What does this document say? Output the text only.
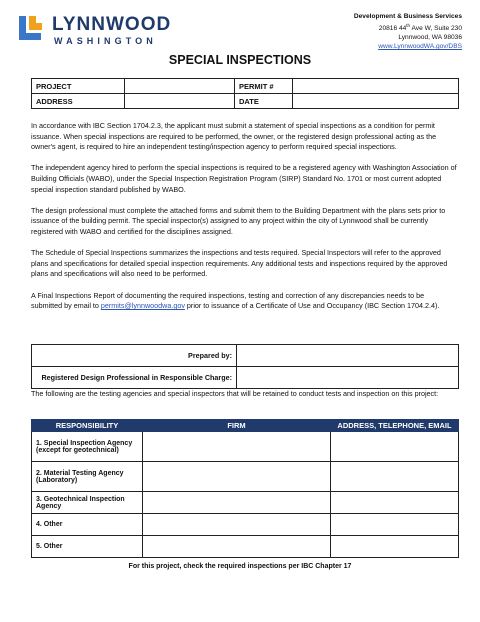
LYNNWOOD
WASHINGTON
Development & Business Services
20816 44th Ave W, Suite 230
Lynnwood, WA 98036
www.LynnwoodWA.gov/DBS
SPECIAL INSPECTIONS
PROJECT		PERMIT #	
ADDRESS		DATE	

In accordance with IBC Section 1704.2.3, the applicant must submit a statement of special inspections as a condition for permit issuance. When special inspections are required to be performed, the owner, or the registered design professional acting as the owner's agent, is required to hire an independent testing/inspection agency to perform required special inspections.

The independent agency hired to perform the special inspections is required to be a registered agency with Washington Association of Building Officials (WABO), under the Special Inspection Registration Program (SIRP) Standard No. 1701 or most current adopted special inspection standard published by WABO.

The design professional must complete the attached forms and submit them to the Building Department with the plans sets prior to issuance of the building permit. The special inspector(s) assigned to any project within the city of Lynnwood shall be currently registered with WABO and certified for the disciplines assigned.

The Schedule of Special Inspections summarizes the inspections and tests required. Special Inspectors will refer to the approved plans and specifications for detailed special inspection requirements. Any additional tests and inspections required by the approved plans and specifications will also need to be performed.

A Final Inspections Report of documenting the required inspections, testing and correction of any discrepancies needs to be submitted by email to permits@lynnwoodwa.gov prior to issuance of a Certificate of Use and Occupancy (IBC Section 1704.2.4).

Prepared by:	
Registered Design Professional in Responsible Charge:	
The following are the testing agencies and special inspectors that will be retained to conduct tests and inspection on this project:
RESPONSIBILITY	FIRM	ADDRESS, TELEPHONE, EMAIL

1. Special Inspection Agency
(except for geotechnical)		

2. Material Testing Agency
(Laboratory)		

3. Geotechnical Inspection Agency		
4. Other		
5. Other		
For this project, check the required inspections per IBC Chapter 17
